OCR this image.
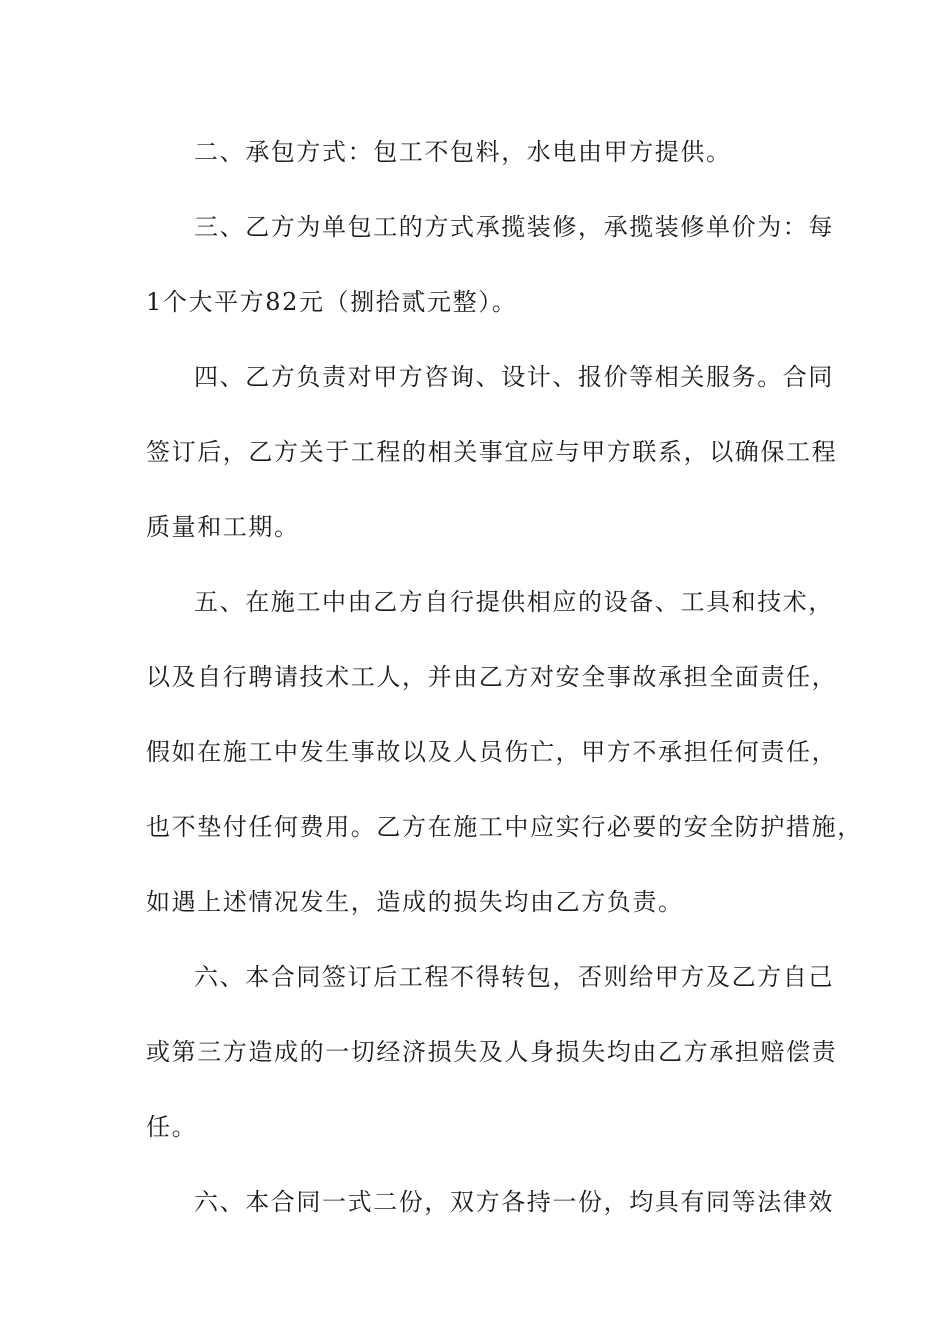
二、承包方式：包工不包料，水电由甲方提供。
三、乙方为单包工的方式承揽装修，承揽装修单价为：每
1个大平方82元（捌拾贰元整）。
四、乙方负责对甲方咨询、设计、报价等相关服务。合同
签订后，乙方关于工程的相关事宜应与甲方联系，以确保工程
质量和工期。
五、在施工中由乙方自行提供相应的设备、工具和技术，
以及自行聘请技术工人，并由乙方对安全事故承担全面责任，
假如在施工中发生事故以及人员伤亡，甲方不承担任何责任，
也不垫付任何费用。乙方在施工中应实行必要的安全防护措施，
如遇上述情况发生，造成的损失均由乙方负责。
六、本合同签订后工程不得转包，否则给甲方及乙方自己
或第三方造成的一切经济损失及人身损失均由乙方承担赔偿责
任。
六、本合同一式二份，双方各持一份，均具有同等法律效
